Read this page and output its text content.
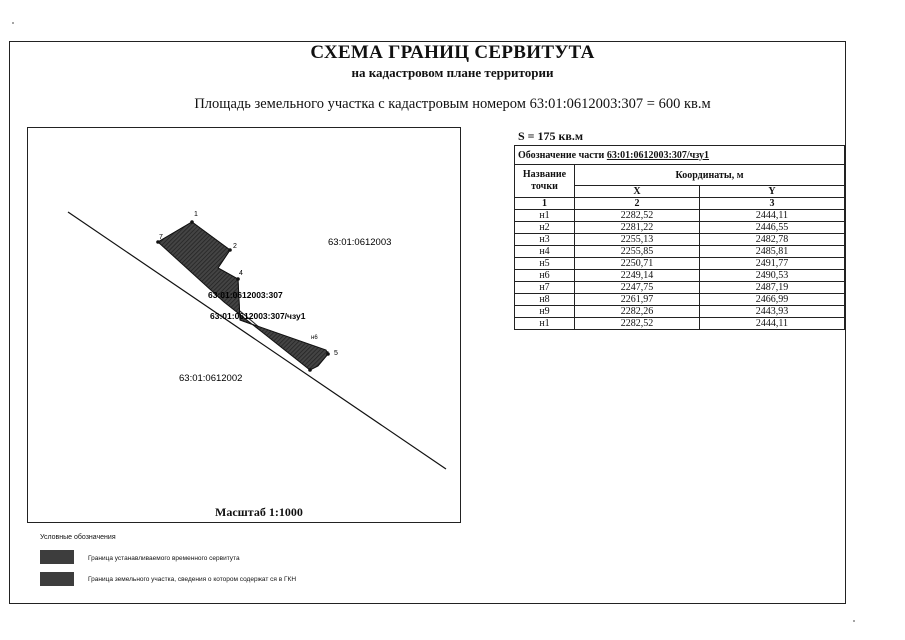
СХЕМА ГРАНИЦ СЕРВИТУТА
на кадастровом плане территории
Площадь земельного участка с кадастровым номером 63:01:0612003:307 = 600 кв.м
1
2
4
5
7
н6
63:01:0612003
63:01:0612002
63:01:0612003:307
63:01:0612003:307/чзу1
Масштаб 1:1000
S = 175 кв.м
Обозначение части 63:01:0612003:307/чзу1		
Название точки	Координаты, м	
	X	Y
1	2	3
н1	2282,52	2444,11
н2	2281,22	2446,55
н3	2255,13	2482,78
н4	2255,85	2485,81
н5	2250,71	2491,77
н6	2249,14	2490,53
н7	2247,75	2487,19
н8	2261,97	2466,99
н9	2282,26	2443,93
н1	2282,52	2444,11
Условные обозначения
Граница устанавливаемого временного сервитута
Граница земельного участка, сведения о котором содержат ся в ГКН
